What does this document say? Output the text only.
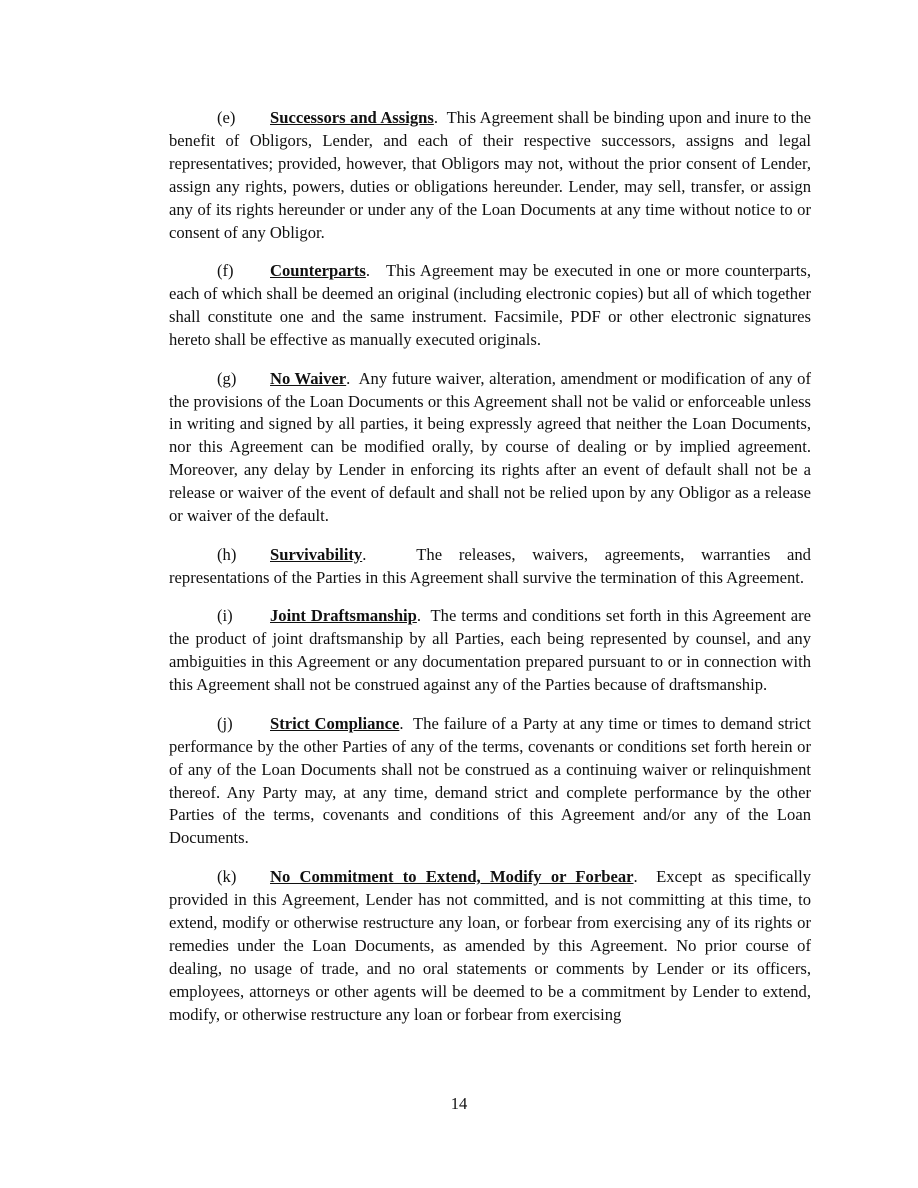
(e) Successors and Assigns. This Agreement shall be binding upon and inure to the benefit of Obligors, Lender, and each of their respective successors, assigns and legal representatives; provided, however, that Obligors may not, without the prior consent of Lender, assign any rights, powers, duties or obligations hereunder. Lender, may sell, transfer, or assign any of its rights hereunder or under any of the Loan Documents at any time without notice to or consent of any Obligor.

(f) Counterparts. This Agreement may be executed in one or more counterparts, each of which shall be deemed an original (including electronic copies) but all of which together shall constitute one and the same instrument. Facsimile, PDF or other electronic signatures hereto shall be effective as manually executed originals.

(g) No Waiver. Any future waiver, alteration, amendment or modification of any of the provisions of the Loan Documents or this Agreement shall not be valid or enforceable unless in writing and signed by all parties, it being expressly agreed that neither the Loan Documents, nor this Agreement can be modified orally, by course of dealing or by implied agreement. Moreover, any delay by Lender in enforcing its rights after an event of default shall not be a release or waiver of the event of default and shall not be relied upon by any Obligor as a release or waiver of the default.

(h) Survivability.	The releases, waivers, agreements, warranties and representations of the Parties in this Agreement shall survive the termination of this Agreement.

(i) Joint Draftsmanship. The terms and conditions set forth in this Agreement are the product of joint draftsmanship by all Parties, each being represented by counsel, and any ambiguities in this Agreement or any documentation prepared pursuant to or in connection with this Agreement shall not be construed against any of the Parties because of draftsmanship.

(j) Strict Compliance. The failure of a Party at any time or times to demand strict performance by the other Parties of any of the terms, covenants or conditions set forth herein or of any of the Loan Documents shall not be construed as a continuing waiver or relinquishment thereof. Any Party may, at any time, demand strict and complete performance by the other Parties of the terms, covenants and conditions of this Agreement and/or any of the Loan Documents.

(k) No Commitment to Extend, Modify or Forbear. Except as specifically provided in this Agreement, Lender has not committed, and is not committing at this time, to extend, modify or otherwise restructure any loan, or forbear from exercising any of its rights or remedies under the Loan Documents, as amended by this Agreement. No prior course of dealing, no usage of trade, and no oral statements or comments by Lender or its officers, employees, attorneys or other agents will be deemed to be a commitment by Lender to extend, modify, or otherwise restructure any loan or forbear from exercising

14
